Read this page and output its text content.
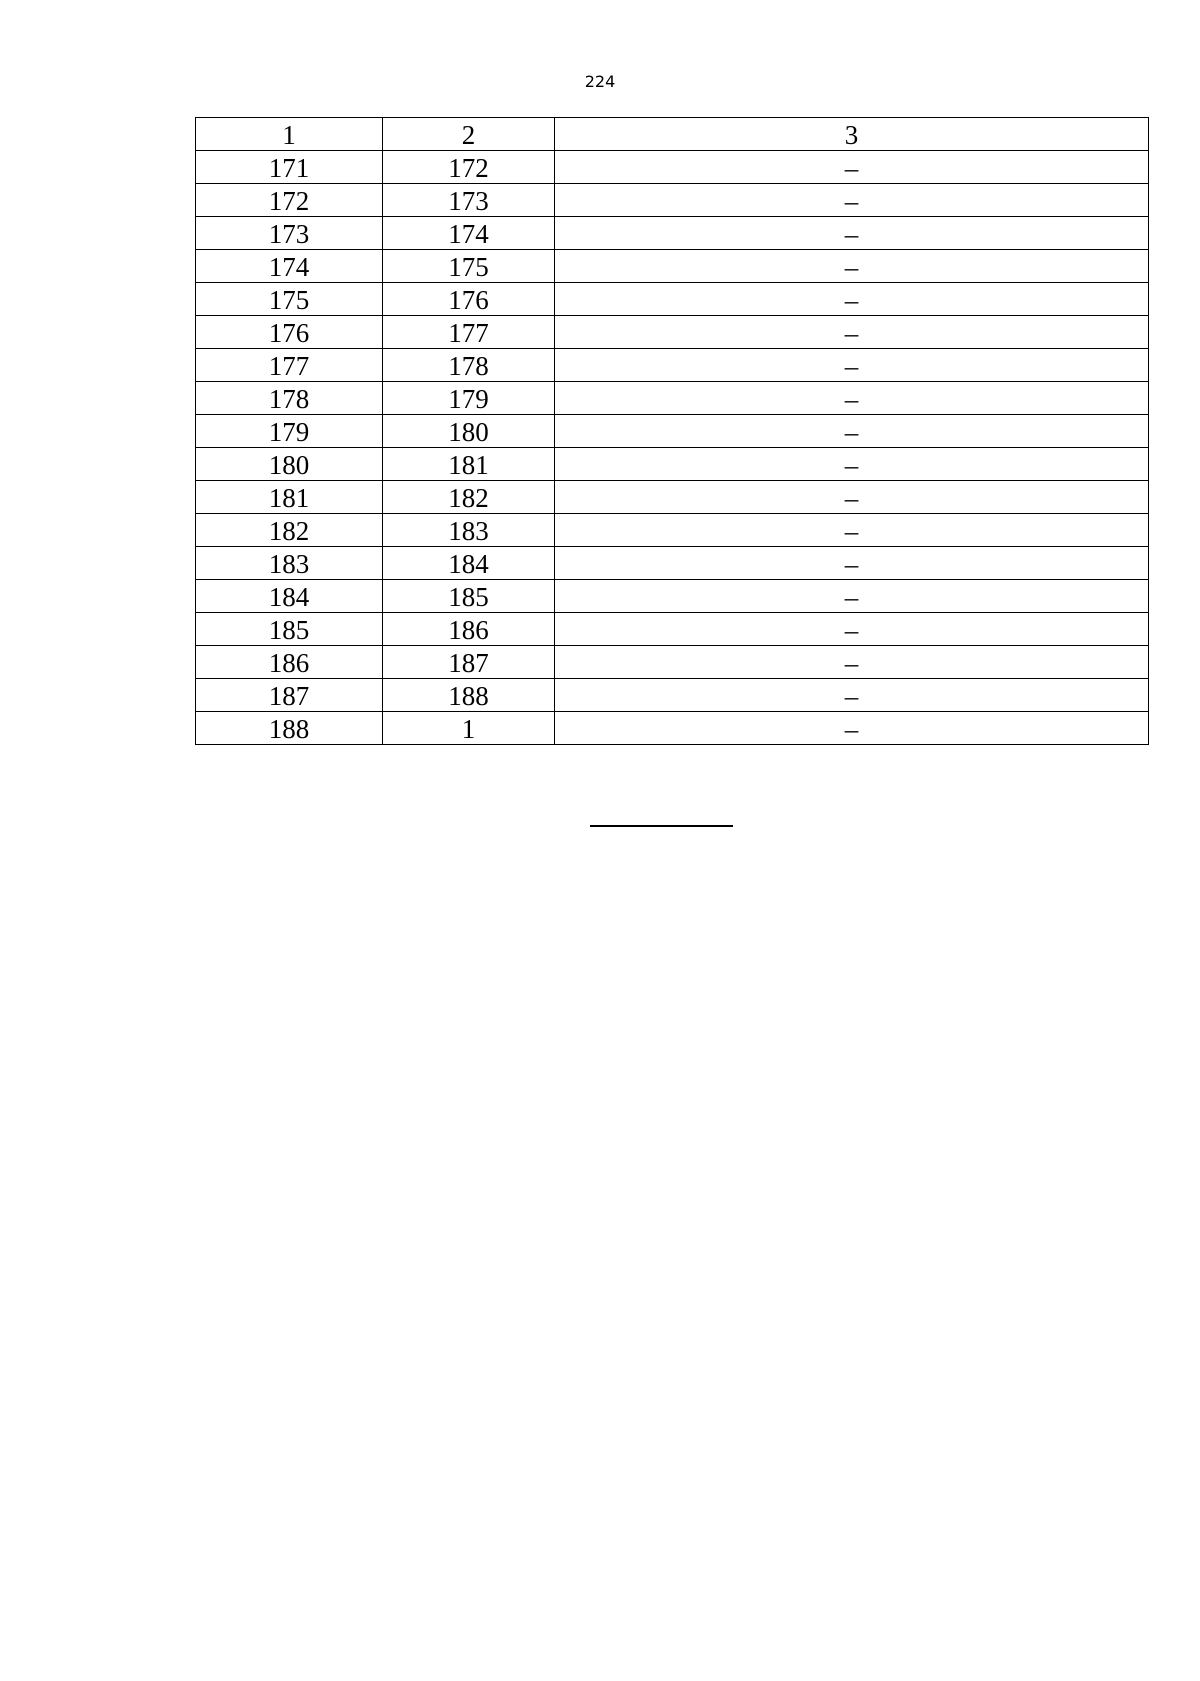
224
1	2	3
171	172	–
172	173	–
173	174	–
174	175	–
175	176	–
176	177	–
177	178	–
178	179	–
179	180	–
180	181	–
181	182	–
182	183	–
183	184	–
184	185	–
185	186	–
186	187	–
187	188	–
188	1	–
